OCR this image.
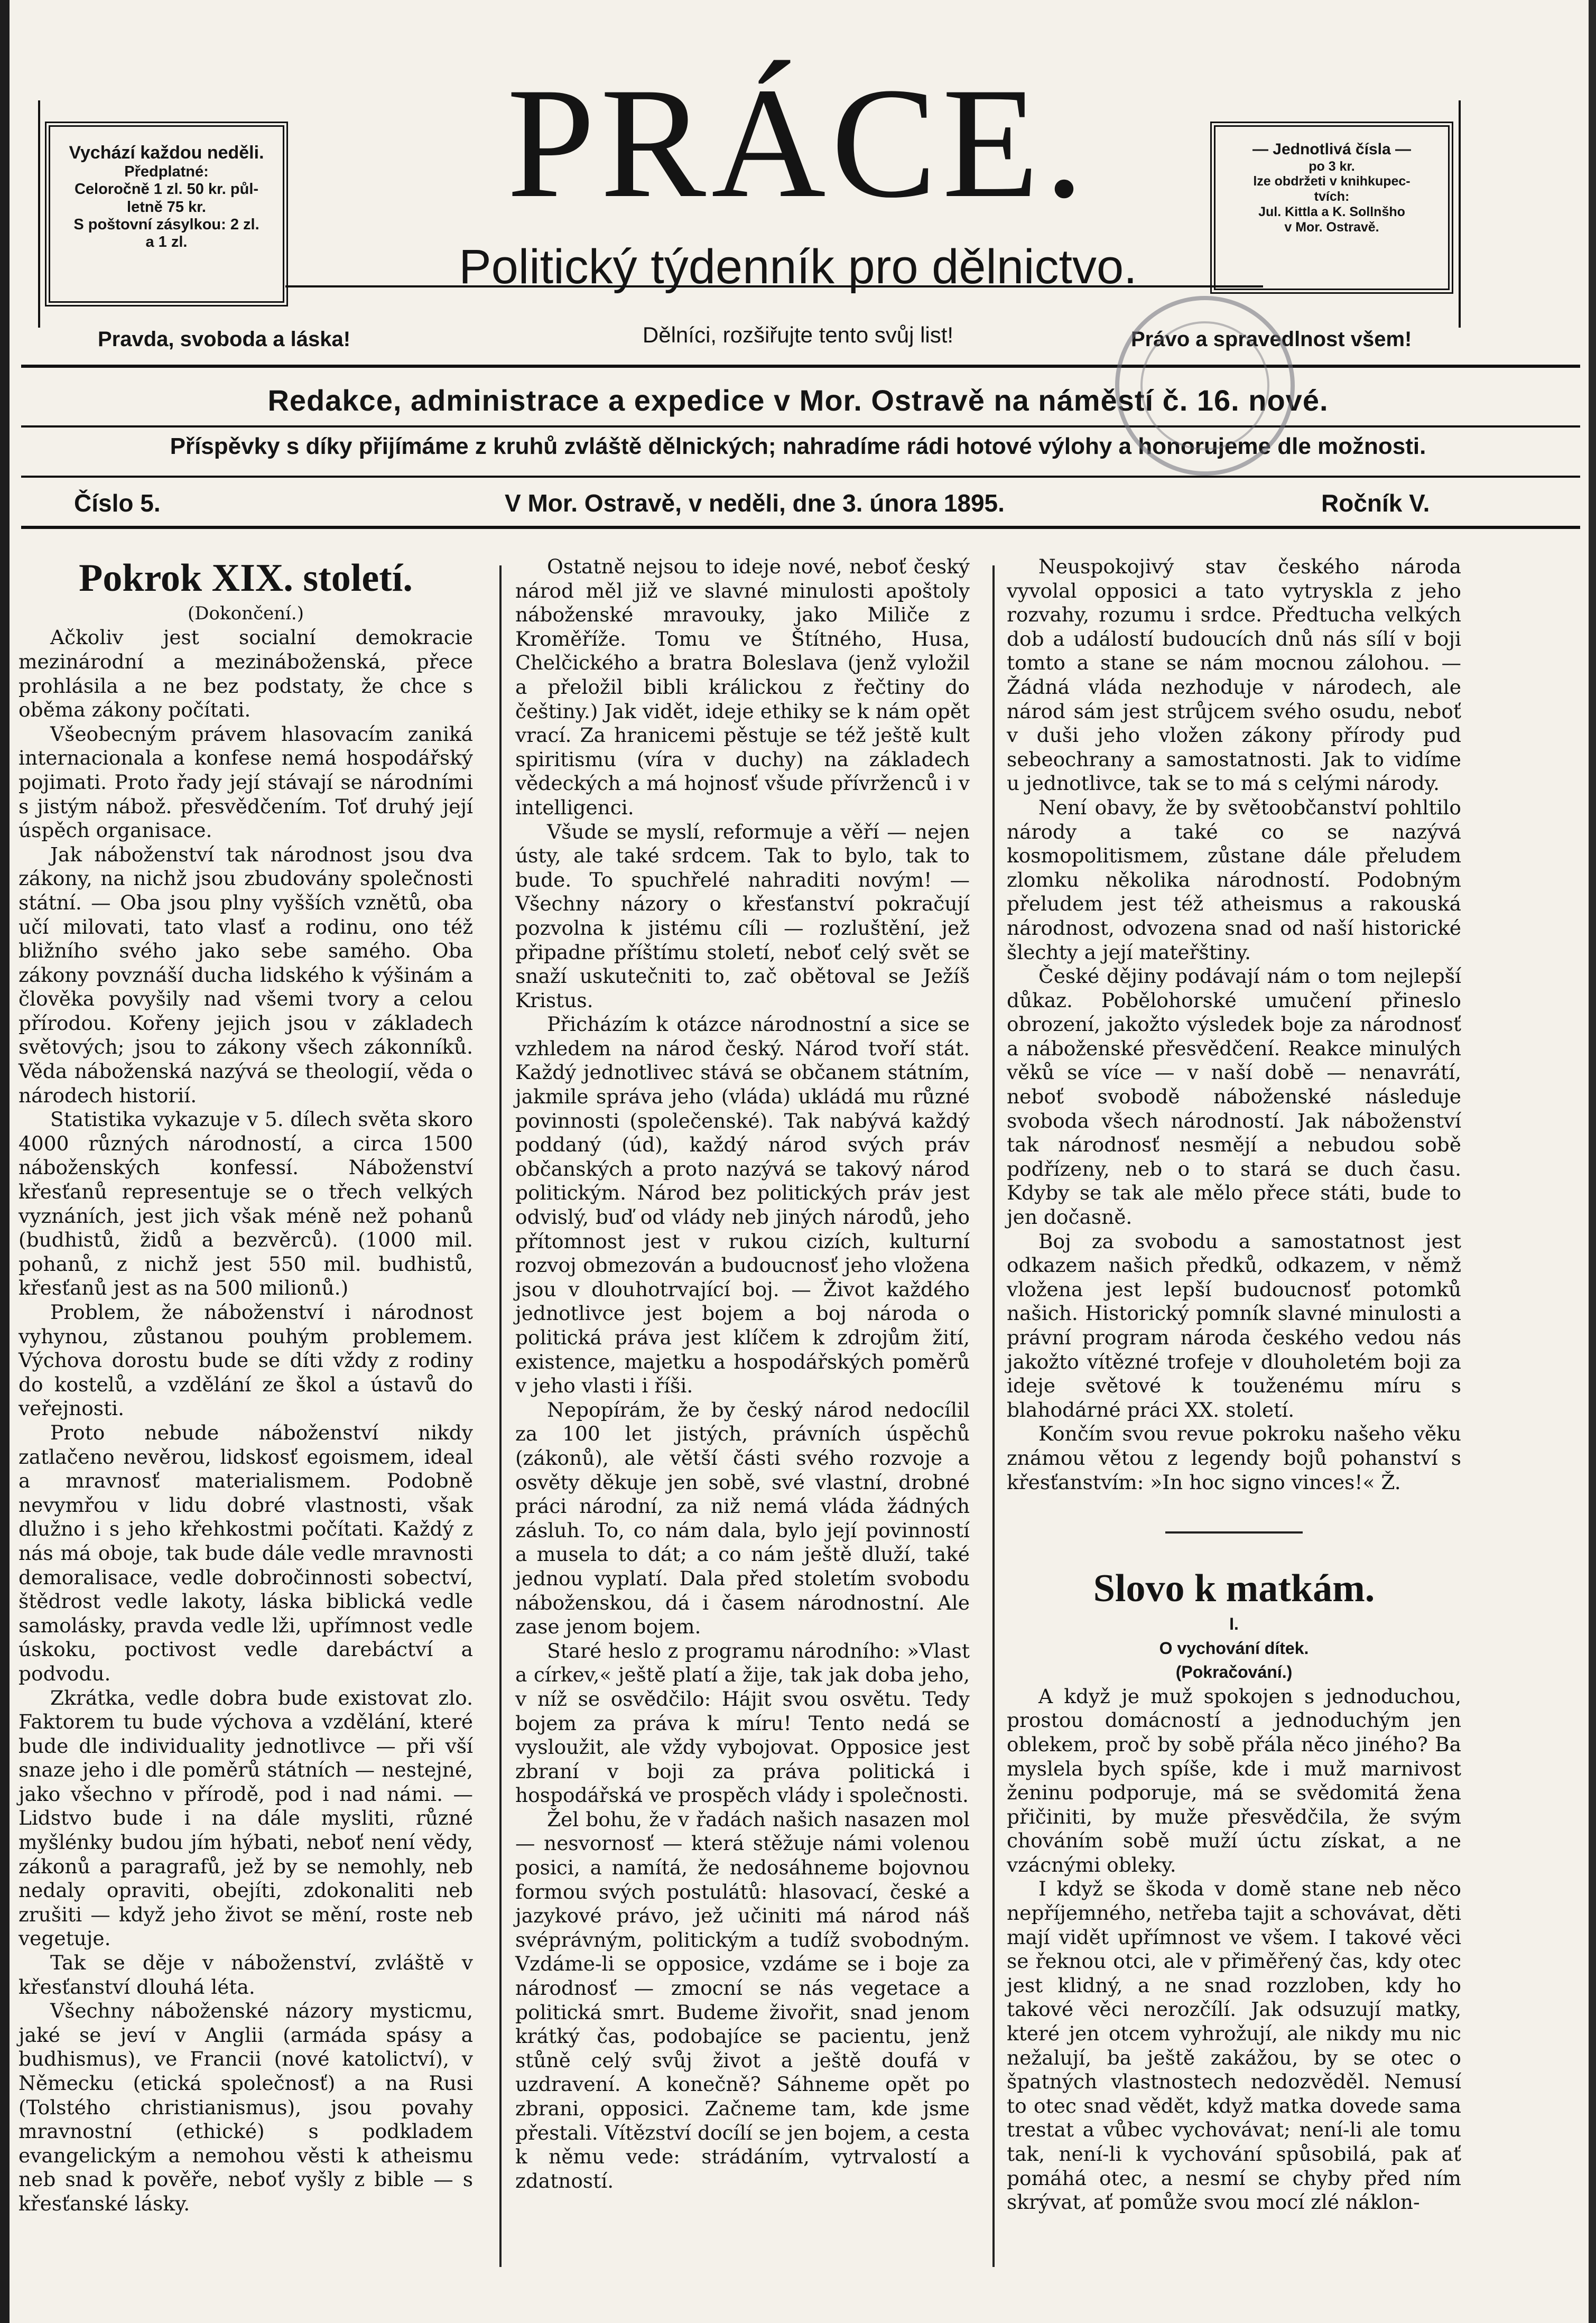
Vychází každou neděli.
Předplatné:
Celoročně 1 zl. 50 kr. půl-
letně 75 kr.
S poštovní zásylkou: 2 zl.
a 1 zl.
— Jednotlivá čísla —
po 3 kr.
lze obdržeti v knihkupec-
tvích:
Jul. Kittla a K. Sollnšho
v Mor. Ostravě.
PRÁCE.
Politický týdenník pro dělnictvo.
Pravda, svoboda a láska!	Dělníci, rozšiřujte tento svůj list!	Právo a spravedlnost všem!
Redakce, administrace a expedice v Mor. Ostravě na náměstí č. 16. nové.
Příspěvky s díky přijímáme z kruhů zvláště dělnických; nahradíme rádi hotové výlohy a honorujeme dle možnosti.
Číslo 5.	V Mor. Ostravě, v neděli, dne 3. února 1895.	Ročník V.

Pokrok XIX. století.

(Dokončení.)

Ačkoliv jest socialní demokracie mezinárodní a mezináboženská, přece prohlásila a ne bez podstaty, že chce s oběma zákony počítati.

Všeobecným právem hlasovacím zaniká internacionala a konfese nemá hospodářský pojimati. Proto řady její stávají se národními s jistým nábož. přesvědčením. Toť druhý její úspěch organisace.

Jak náboženství tak národnost jsou dva zákony, na nichž jsou zbudovány společnosti státní. — Oba jsou plny vyšších vznětů, oba učí milovati, tato vlasť a rodinu, ono též bližního svého jako sebe samého. Oba zákony povznáší ducha lidského k výšinám a člověka povyšily nad všemi tvory a celou přírodou. Kořeny jejich jsou v základech světových; jsou to zákony všech zákonníků. Věda náboženská nazývá se theologií, věda o národech historií.

Statistika vykazuje v 5. dílech světa skoro 4000 různých národností, a circa 1500 náboženských konfessí. Náboženství křesťanů representuje se o třech velkých vyznáních, jest jich však méně než pohanů (budhistů, židů a bezvěrců). (1000 mil. pohanů, z nichž jest 550 mil. budhistů, křesťanů jest as na 500 milionů.)

Problem, že náboženství i národnost vyhynou, zůstanou pouhým problemem. Výchova dorostu bude se díti vždy z rodiny do kostelů, a vzdělání ze škol a ústavů do veřejnosti.

Proto nebude náboženství nikdy zatlačeno nevěrou, lidskosť egoismem, ideal a mravnosť materialismem. Podobně nevymřou v lidu dobré vlastnosti, však dlužno i s jeho křehkostmi počítati. Každý z nás má oboje, tak bude dále vedle mravnosti demoralisace, vedle dobročinnosti sobectví, štědrost vedle lakoty, láska biblická vedle samolásky, pravda vedle lži, upřímnost vedle úskoku, poctivost vedle darebáctví a podvodu.

Zkrátka, vedle dobra bude existovat zlo. Faktorem tu bude výchova a vzdělání, které bude dle individuality jednotlivce — při vší snaze jeho i dle poměrů státních — nestejné, jako všechno v přírodě, pod i nad námi. — Lidstvo bude i na dále mysliti, různé myšlénky budou jím hýbati, neboť není vědy, zákonů a paragrafů, jež by se nemohly, neb nedaly opraviti, obejíti, zdokonaliti neb zrušiti — když jeho život se mění, roste neb vegetuje.

Tak se děje v náboženství, zvláště v křesťanství dlouhá léta.

Všechny náboženské názory mysticmu, jaké se jeví v Anglii (armáda spásy a budhismus), ve Francii (nové katolictví), v Německu (etická společnosť) a na Rusi (Tolstého christianismus), jsou povahy mravnostní (ethické) s podkladem evangelickým a nemohou věsti k atheismu neb snad k pověře, neboť vyšly z bible — s křesťanské lásky.

Ostatně nejsou to ideje nové, neboť český národ měl již ve slavné minulosti apoštoly náboženské mravouky, jako Miliče z Kroměříže. Tomu ve Štítného, Husa, Chelčického a bratra Boleslava (jenž vyložil a přeložil bibli králickou z řečtiny do češtiny.) Jak vidět, ideje ethiky se k nám opět vrací. Za hranicemi pěstuje se též ještě kult spiritismu (víra v duchy) na základech vědeckých a má hojnosť všude přívrženců i v intelligenci.

Všude se myslí, reformuje a věří — nejen ústy, ale také srdcem. Tak to bylo, tak to bude. To spuchřelé nahraditi novým! — Všechny názory o křesťanství pokračují pozvolna k jistému cíli — rozluštění, jež připadne příštímu století, neboť celý svět se snaží uskutečniti to, zač obětoval se Ježíš Kristus.

Přicházím k otázce národnostní a sice se vzhledem na národ český. Národ tvoří stát. Každý jednotlivec stává se občanem státním, jakmile správa jeho (vláda) ukládá mu různé povinnosti (společenské). Tak nabývá každý poddaný (úd), každý národ svých práv občanských a proto nazývá se takový národ politickým. Národ bez politických práv jest odvislý, buď od vlády neb jiných národů, jeho přítomnost jest v rukou cizích, kulturní rozvoj obmezován a budoucnosť jeho vložena jsou v dlouhotrvající boj. — Život každého jednotlivce jest bojem a boj národa o politická práva jest klíčem k zdrojům žití, existence, majetku a hospodářských poměrů v jeho vlasti i říši.

Nepopírám, že by český národ nedocílil za 100 let jistých, právních úspěchů (zákonů), ale větší části svého rozvoje a osvěty děkuje jen sobě, své vlastní, drobné práci národní, za niž nemá vláda žádných zásluh. To, co nám dala, bylo její povinností a musela to dát; a co nám ještě dluží, také jednou vyplatí. Dala před stoletím svobodu náboženskou, dá i časem národnostní. Ale zase jenom bojem.

Staré heslo z programu národního: »Vlast a církev,« ještě platí a žije, tak jak doba jeho, v níž se osvědčilo: Hájit svou osvětu. Tedy bojem za práva k míru! Tento nedá se vysloužit, ale vždy vybojovat. Opposice jest zbraní v boji za práva politická i hospodářská ve prospěch vlády i společnosti.

Žel bohu, že v řadách našich nasazen mol — nesvornosť — která stěžuje námi volenou posici, a namítá, že nedosáhneme bojovnou formou svých postulátů: hlasovací, české a jazykové právo, jež učiniti má národ náš svéprávným, politickým a tudíž svobodným. Vzdáme-li se opposice, vzdáme se i boje za národnosť — zmocní se nás vegetace a politická smrt. Budeme živořit, snad jenom krátký čas, podobajíce se pacientu, jenž stůně celý svůj život a ještě doufá v uzdravení. A konečně? Sáhneme opět po zbrani, opposici. Začneme tam, kde jsme přestali. Vítězství docílí se jen bojem, a cesta k němu vede: strádáním, vytrvalostí a zdatností.

Neuspokojivý stav českého národa vyvolal opposici a tato vytryskla z jeho rozvahy, rozumu i srdce. Předtucha velkých dob a událostí budoucích dnů nás sílí v boji tomto a stane se nám mocnou zálohou. — Žádná vláda nezhoduje v národech, ale národ sám jest strůjcem svého osudu, neboť v duši jeho vložen zákony přírody pud sebeochrany a samostatnosti. Jak to vidíme u jednotlivce, tak se to má s celými národy.

Není obavy, že by světoobčanství pohltilo národy a také co se nazývá kosmopolitismem, zůstane dále přeludem zlomku několika národností. Podobným přeludem jest též atheismus a rakouská národnost, odvozena snad od naší historické šlechty a její mateřštiny.

České dějiny podávají nám o tom nejlepší důkaz. Pobělohorské umučení přineslo obrození, jakožto výsledek boje za národnosť a náboženské přesvědčení. Reakce minulých věků se více — v naší době — nenavrátí, neboť svobodě náboženské následuje svoboda všech národností. Jak náboženství tak národnosť nesmějí a nebudou sobě podřízeny, neb o to stará se duch času. Kdyby se tak ale mělo přece státi, bude to jen dočasně.

Boj za svobodu a samostatnost jest odkazem našich předků, odkazem, v němž vložena jest lepší budoucnosť potomků našich. Historický pomník slavné minulosti a právní program národa českého vedou nás jakožto vítězné trofeje v dlouholetém boji za ideje světové k touženému míru s blahodárné práci XX. století.

Končím svou revue pokroku našeho věku známou větou z legendy bojů pohanství s křesťanstvím: »In hoc signo vinces!« Ž.

Slovo k matkám.

I.

O vychování dítek.

(Pokračování.)

A když je muž spokojen s jednoduchou, prostou domácností a jednoduchým jen oblekem, proč by sobě přála něco jiného? Ba myslela bych spíše, kde i muž marnivost ženinu podporuje, má se svědomitá žena přičiniti, by muže přesvědčila, že svým chováním sobě muží úctu získat, a ne vzácnými obleky.

I když se škoda v domě stane neb něco nepříjemného, netřeba tajit a schovávat, děti mají vidět upřímnost ve všem. I takové věci se řeknou otci, ale v přiměřený čas, kdy otec jest klidný, a ne snad rozzloben, kdy ho takové věci nerozčílí. Jak odsuzují matky, které jen otcem vyhrožují, ale nikdy mu nic nežalují, ba ještě zakážou, by se otec o špatných vlastnostech nedozvěděl. Nemusí to otec snad vědět, když matka dovede sama trestat a vůbec vychovávat; není-li ale tomu tak, není-li k vychování spůsobilá, pak ať pomáhá otec, a nesmí se chyby před ním skrývat, ať pomůže svou mocí zlé náklon-
